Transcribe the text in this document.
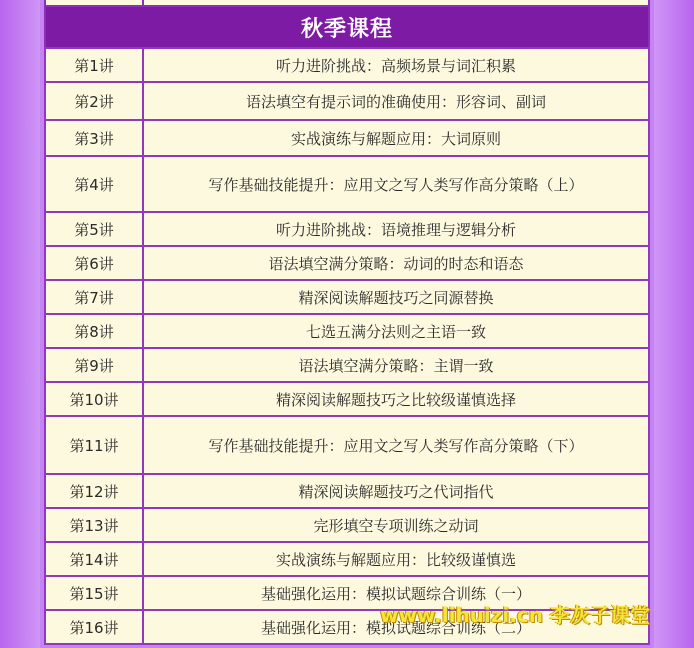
秋季课程
第1讲	听力进阶挑战：高频场景与词汇积累
第2讲	语法填空有提示词的准确使用：形容词、副词
第3讲	实战演练与解题应用：大词原则
第4讲	写作基础技能提升：应用文之写人类写作高分策略（上）
第5讲	听力进阶挑战：语境推理与逻辑分析
第6讲	语法填空满分策略：动词的时态和语态
第7讲	精深阅读解题技巧之同源替换
第8讲	七选五满分法则之主语一致
第9讲	语法填空满分策略：主谓一致
第10讲	精深阅读解题技巧之比较级谨慎选择
第11讲	写作基础技能提升：应用文之写人类写作高分策略（下）
第12讲	精深阅读解题技巧之代词指代
第13讲	完形填空专项训练之动词
第14讲	实战演练与解题应用：比较级谨慎选
第15讲	基础强化运用：模拟试题综合训练（一）
第16讲	基础强化运用：模拟试题综合训练（二）
www.lihuizi.cn 李灰子课堂
